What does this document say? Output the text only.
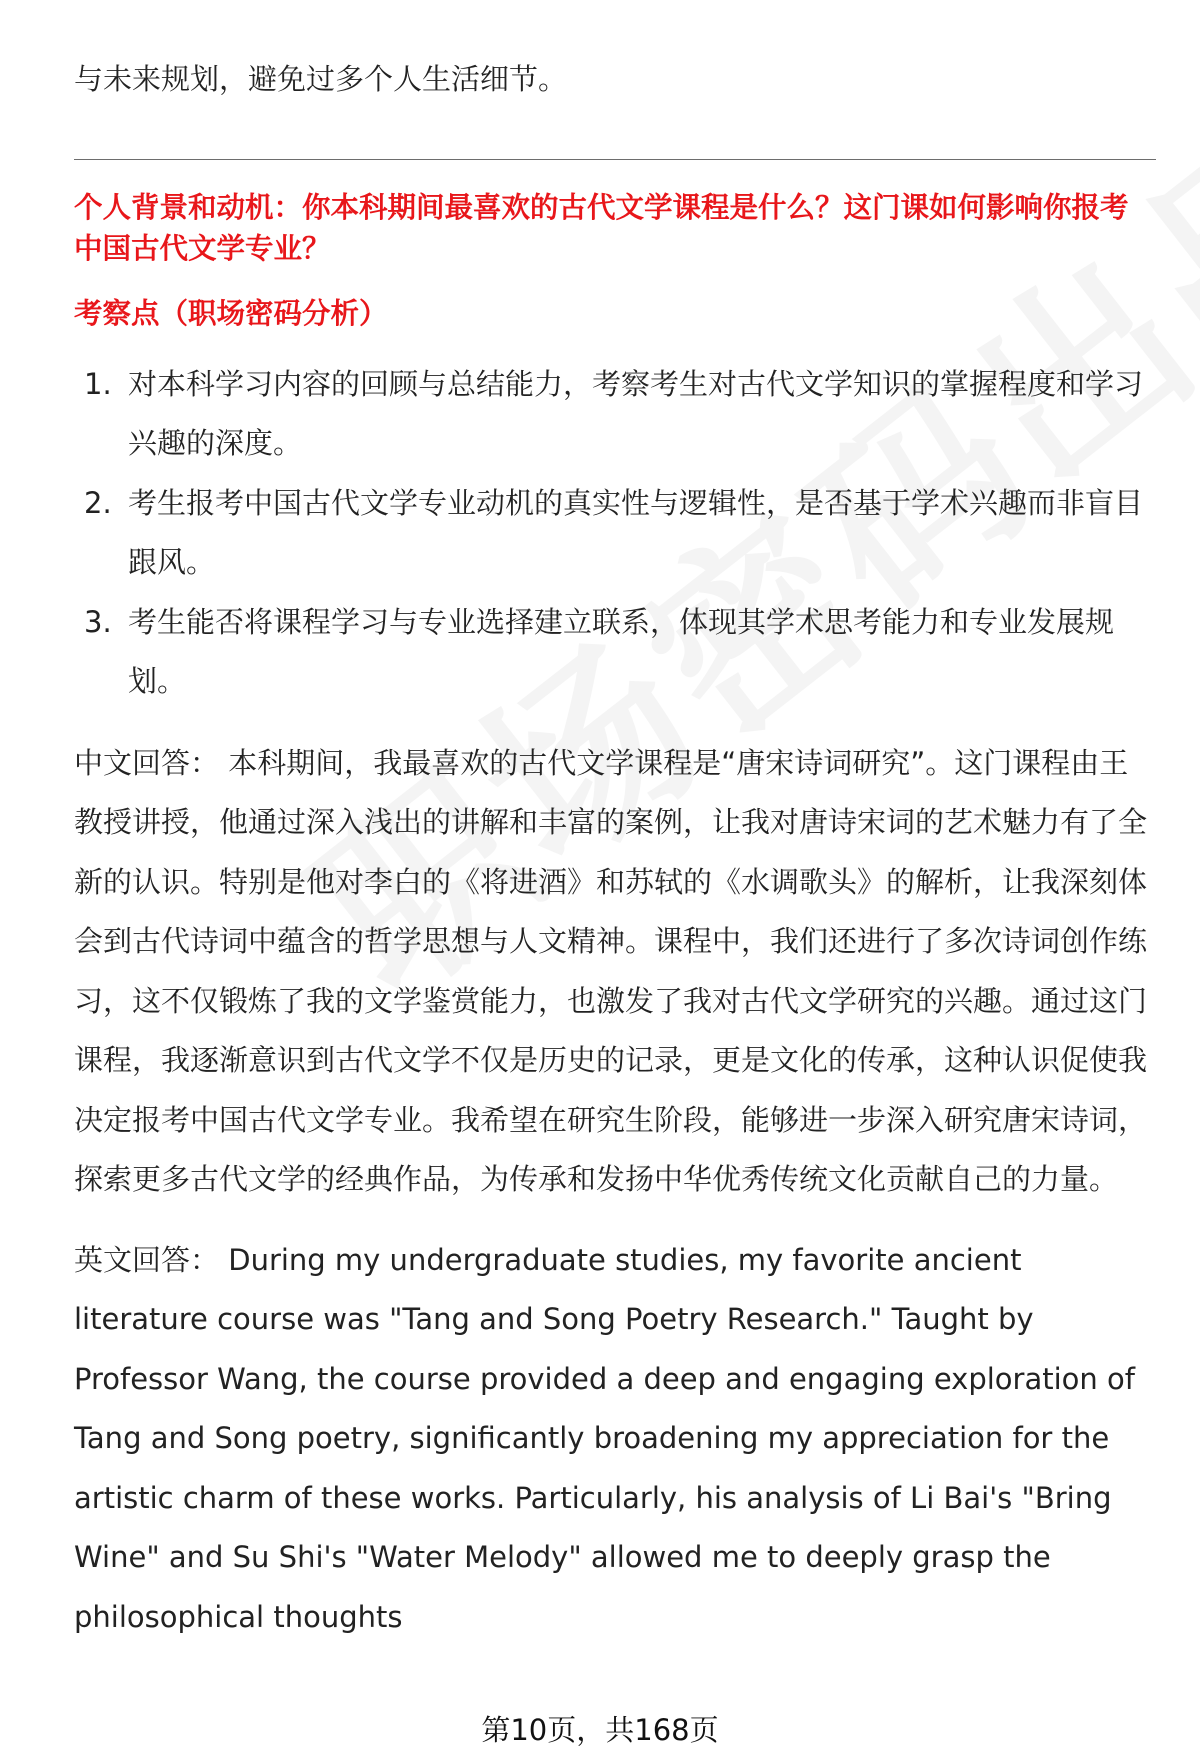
与未来规划，避免过多个人生活细节。

个人背景和动机：你本科期间最喜欢的古代文学课程是什么？这门课如何影响你报考中国古代文学专业？
考察点（职场密码分析）
1. 对本科学习内容的回顾与总结能力，考察考生对古代文学知识的掌握程度和学习兴趣的深度。
2. 考生报考中国古代文学专业动机的真实性与逻辑性，是否基于学术兴趣而非盲目跟风。
3. 考生能否将课程学习与专业选择建立联系，体现其学术思考能力和专业发展规划。

中文回答： 本科期间，我最喜欢的古代文学课程是“唐宋诗词研究”。这门课程由王教授讲授，他通过深入浅出的讲解和丰富的案例，让我对唐诗宋词的艺术魅力有了全新的认识。特别是他对李白的《将进酒》和苏轼的《水调歌头》的解析，让我深刻体会到古代诗词中蕴含的哲学思想与人文精神。课程中，我们还进行了多次诗词创作练习，这不仅锻炼了我的文学鉴赏能力，也激发了我对古代文学研究的兴趣。通过这门课程，我逐渐意识到古代文学不仅是历史的记录，更是文化的传承，这种认识促使我决定报考中国古代文学专业。我希望在研究生阶段，能够进一步深入研究唐宋诗词，探索更多古代文学的经典作品，为传承和发扬中华优秀传统文化贡献自己的力量。

英文回答： During my undergraduate studies, my favorite ancient literature course was "Tang and Song Poetry Research." Taught by Professor Wang, the course provided a deep and engaging exploration of Tang and Song poetry, significantly broadening my appreciation for the artistic charm of these works. Particularly, his analysis of Li Bai's "Bring Wine" and Su Shi's "Water Melody" allowed me to deeply grasp the philosophical thoughts

第10页，共168页
